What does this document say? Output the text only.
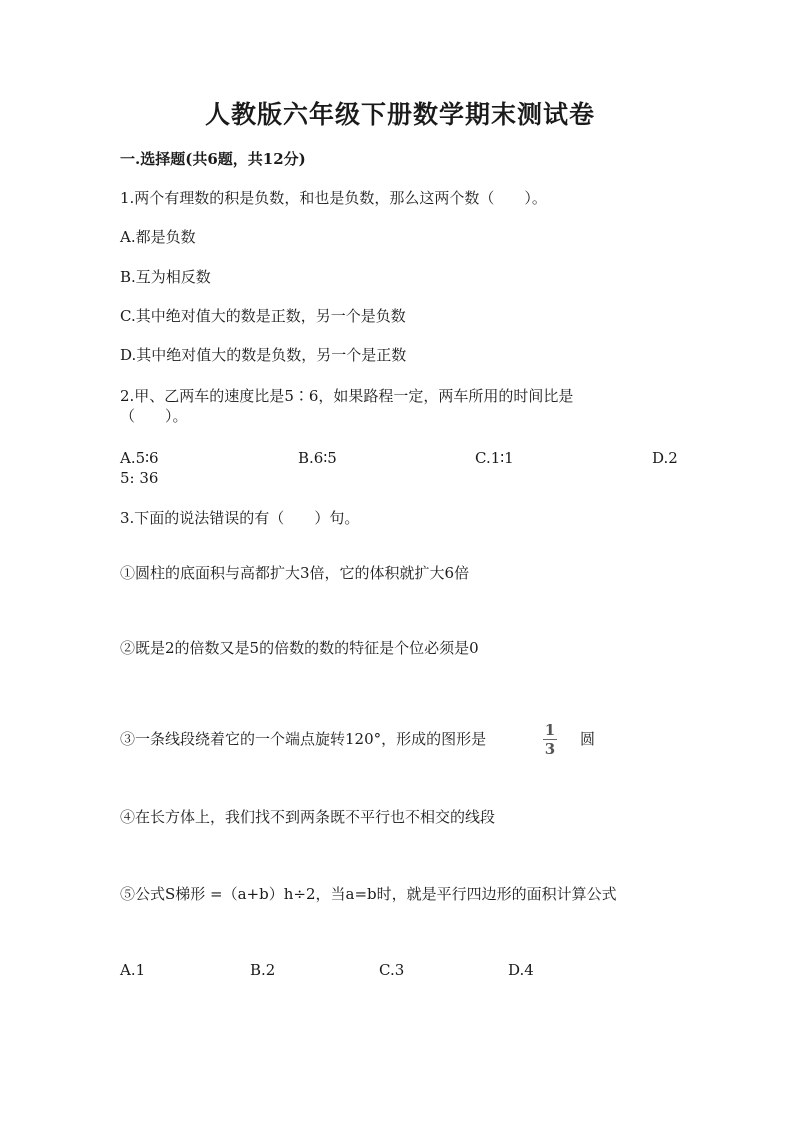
人教版六年级下册数学期末测试卷
一.选择题(共6题，共12分)
1.两个有理数的积是负数，和也是负数，那么这两个数（　　）。
A.都是负数
B.互为相反数
C.其中绝对值大的数是正数，另一个是负数
D.其中绝对值大的数是负数，另一个是正数
2.甲、乙两车的速度比是5∶6，如果路程一定，两车所用的时间比是
（　　）。
A.5∶6	B.6∶5	C.1∶1	D.2
5: 36
3.下面的说法错误的有（　　）句。
①圆柱的底面积与高都扩大3倍，它的体积就扩大6倍
②既是2的倍数又是5的倍数的数的特征是个位必须是0
③一条线段绕着它的一个端点旋转120°，形成的图形是	1
3
圆
④在长方体上，我们找不到两条既不平行也不相交的线段
⑤公式S梯形 =（a+b）h÷2，当a=b时，就是平行四边形的面积计算公式
A.1	B.2	C.3	D.4
